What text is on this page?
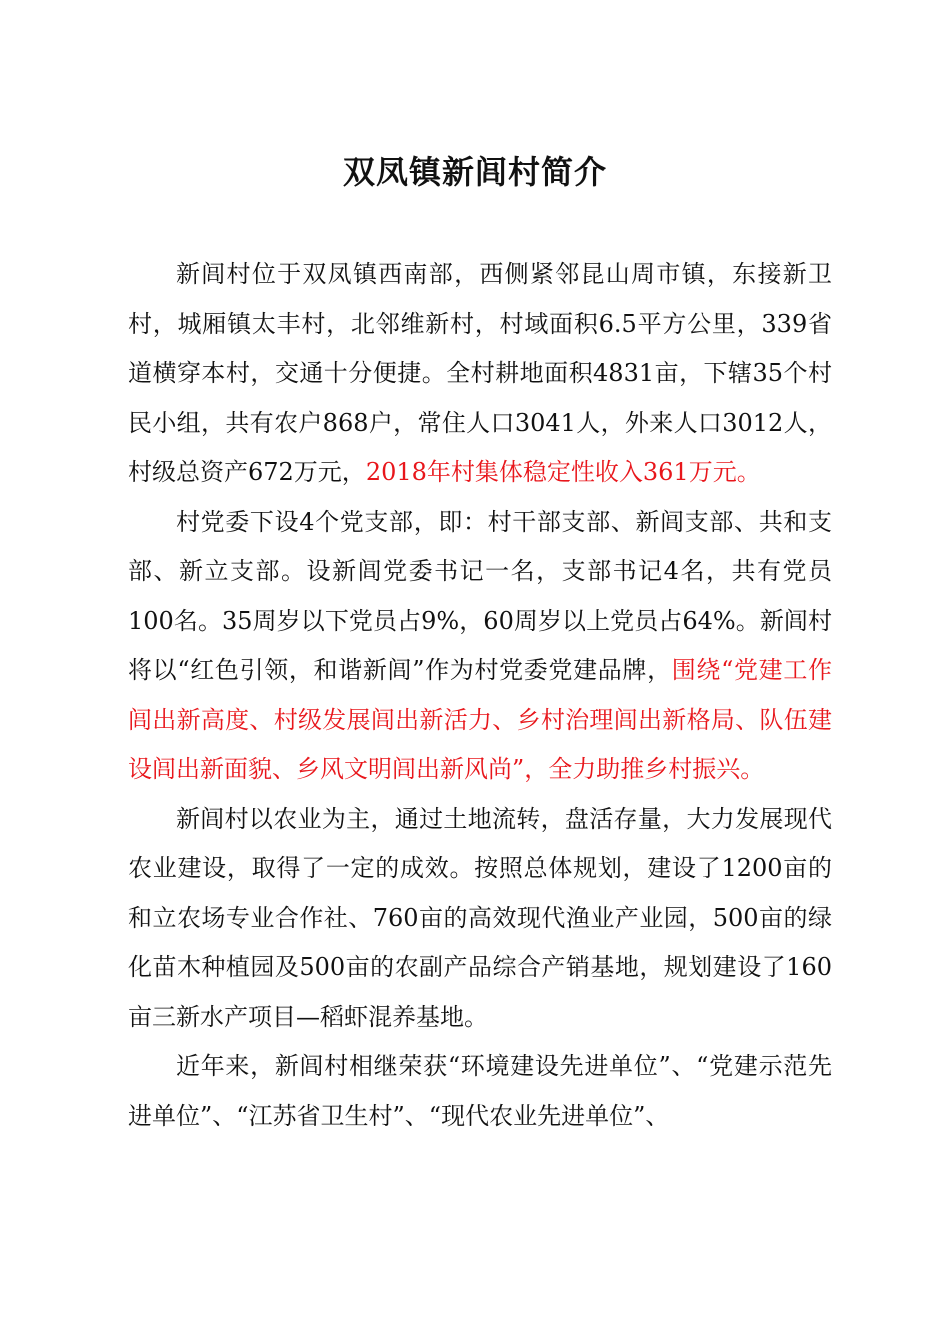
双凤镇新闾村简介

新闾村位于双凤镇西南部，西侧紧邻昆山周市镇，东接新卫村，城厢镇太丰村，北邻维新村，村域面积6.5平方公里，339省道横穿本村，交通十分便捷。全村耕地面积4831亩，下辖35个村民小组，共有农户868户，常住人口3041人，外来人口3012人，村级总资产672万元，2018年村集体稳定性收入361万元。

村党委下设4个党支部，即：村干部支部、新闾支部、共和支部、新立支部。设新闾党委书记一名，支部书记4名，共有党员100名。35周岁以下党员占9%，60周岁以上党员占64%。新闾村将以“红色引领，和谐新闾”作为村党委党建品牌，围绕“党建工作闾出新高度、村级发展闾出新活力、乡村治理闾出新格局、队伍建设闾出新面貌、乡风文明闾出新风尚”，全力助推乡村振兴。

新闾村以农业为主，通过土地流转，盘活存量，大力发展现代农业建设，取得了一定的成效。按照总体规划，建设了1200亩的和立农场专业合作社、760亩的高效现代渔业产业园，500亩的绿化苗木种植园及500亩的农副产品综合产销基地，规划建设了160亩三新水产项目—稻虾混养基地。

近年来，新闾村相继荣获“环境建设先进单位”、“党建示范先进单位”、“江苏省卫生村”、“现代农业先进单位”、
